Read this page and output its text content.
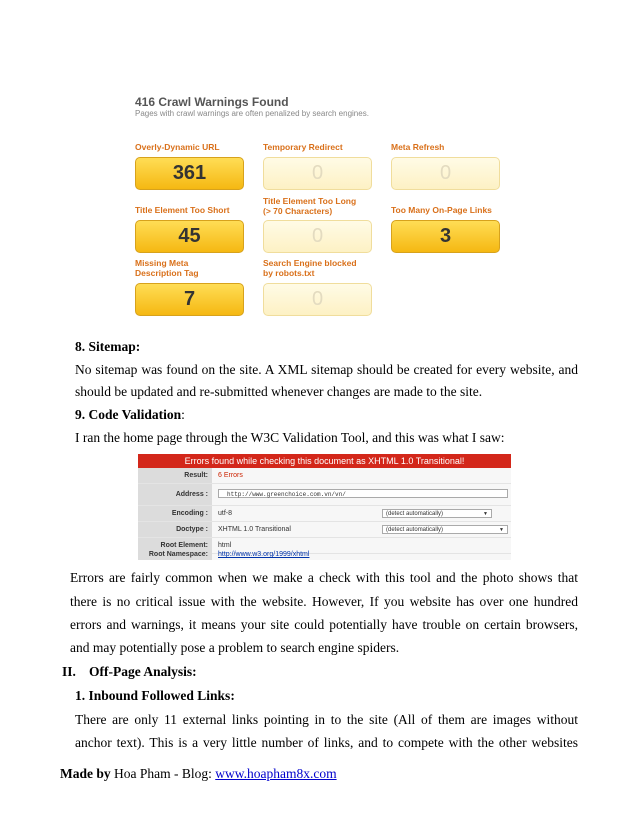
416 Crawl Warnings Found
Pages with crawl warnings are often penalized by search engines.
Overly-Dynamic URL
361
Temporary Redirect
0
Meta Refresh
0
Title Element Too Short
45
Title Element Too Long
(> 70 Characters)
0
Too Many On-Page Links
3
Missing Meta
Description Tag
7
Search Engine blocked
by robots.txt
0
8. Sitemap:
No sitemap was found on the site. A XML sitemap should be created for every website, and
should be updated and re-submitted whenever changes are made to the site.
9. Code Validation:
I ran the home page through the W3C Validation Tool, and this was what I saw:
Errors found while checking this document as XHTML 1.0 Transitional!
Result:	6 Errors
Address :	http://www.greenchoice.com.vn/vn/
Encoding :	utf-8	(detect automatically)	▼
Doctype :	XHTML 1.0 Transitional	(detect automatically)	▼
Root Element:	html
Root Namespace:	http://www.w3.org/1999/xhtml
Errors are fairly common when we make a check with this tool and the photo shows that
there is no critical issue with the website. However, If you website has over one hundred
errors and warnings, it means your site could potentially have trouble on certain browsers,
and may potentially pose a problem to search engine spiders.
II. Off-Page Analysis:
1. Inbound Followed Links:
There are only 11 external links pointing in to the site (All of them are images without
anchor text). This is a very little number of links, and to compete with the other websites
Made by Hoa Pham - Blog: www.hoapham8x.com
